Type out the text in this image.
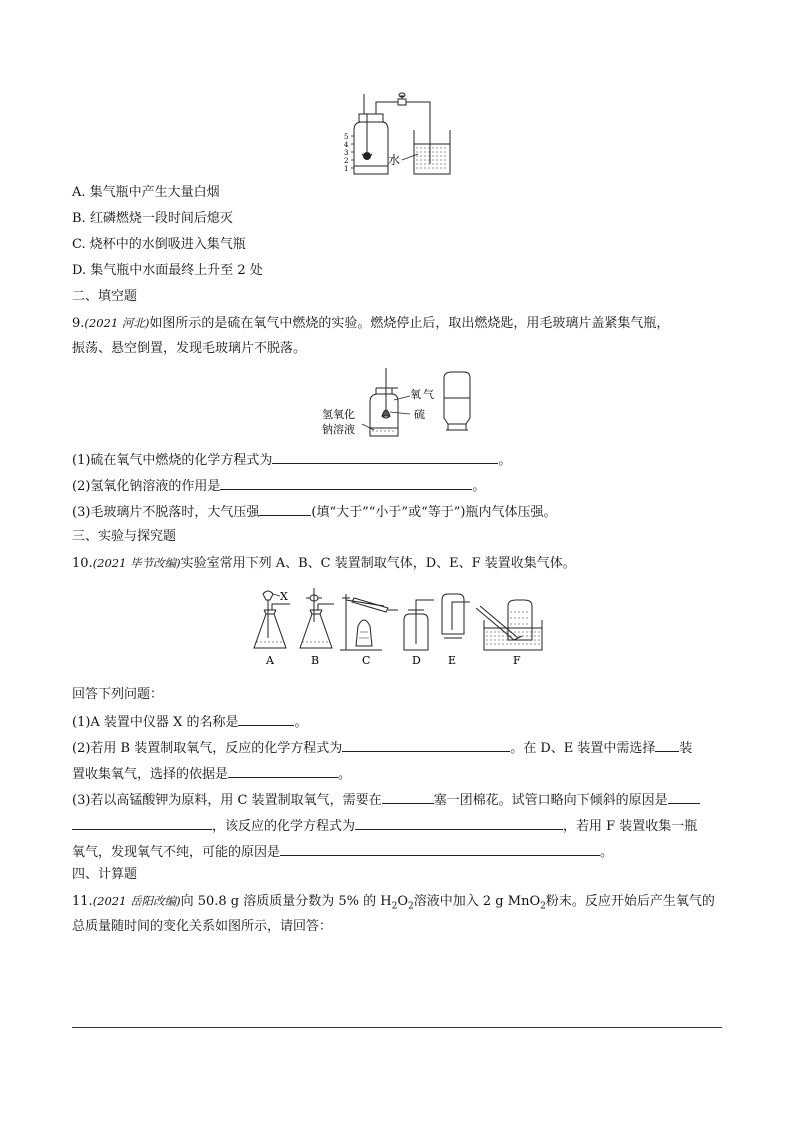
5
4
3
2
1
水
A. 集气瓶中产生大量白烟
B. 红磷燃烧一段时间后熄灭
C. 烧杯中的水倒吸进入集气瓶
D. 集气瓶中水面最终上升至 2 处
二、填空题
9.(2021 河北)如图所示的是硫在氧气中燃烧的实验。燃烧停止后，取出燃烧匙，用毛玻璃片盖紧集气瓶，
振荡、悬空倒置，发现毛玻璃片不脱落。
氢氧化
钠溶液
氧气
硫
(1)硫在氧气中燃烧的化学方程式为	。
(2)氢氧化钠溶液的作用是	。
(3)毛玻璃片不脱落时，大气压强	(填“大于”“小于”或“等于”)瓶内气体压强。
三、实验与探究题
10.(2021 毕节改编)实验室常用下列 A、B、C 装置制取气体，D、E、F 装置收集气体。
X
A	B	C	D E	F
回答下列问题：
(1)A 装置中仪器 X 的名称是	。
(2)若用 B 装置制取氧气，反应的化学方程式为	。在 D、E 装置中需选择 装
置收集氧气，选择的依据是	。
(3)若以高锰酸钾为原料，用 C 装置制取氧气，需要在	塞一团棉花。试管口略向下倾斜的原因是
，该反应的化学方程式为	，若用 F 装置收集一瓶
氧气，发现氧气不纯，可能的原因是	。
四、计算题
11.(2021 岳阳改编)向 50.8 g 溶质质量分数为 5% 的 $H_2O_2$溶液中加入 2 g MnO$_2$粉末。反应开始后产生氧气的
总质量随时间的变化关系如图所示，请回答：
